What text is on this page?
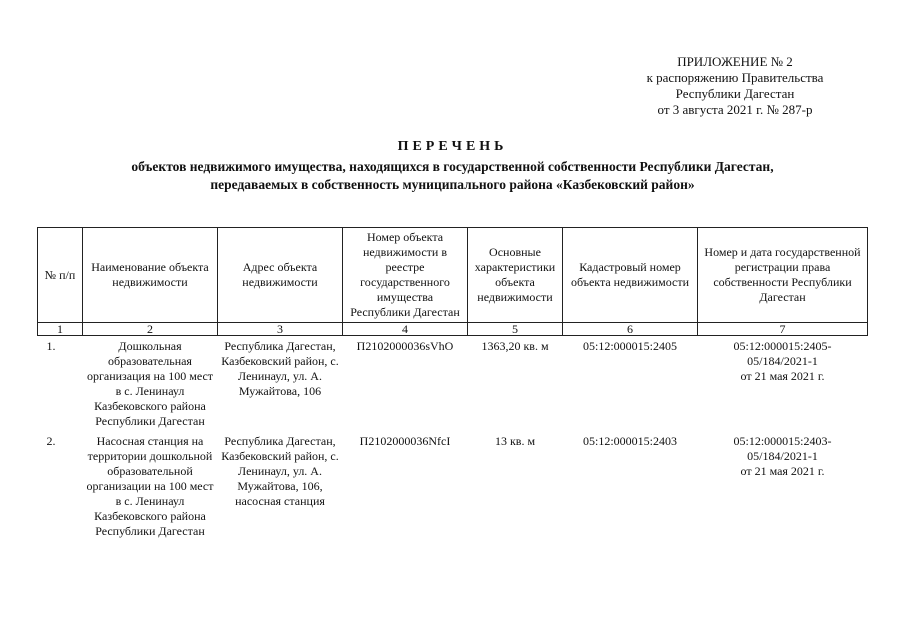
ПРИЛОЖЕНИЕ № 2
к распоряжению Правительства
Республики Дагестан
от 3 августа 2021 г. № 287-р
ПЕРЕЧЕНЬ
объектов недвижимого имущества, находящихся в государственной собственности Республики Дагестан,
передаваемых в собственность муниципального района «Казбековский район»
№ п/п	Наименование объекта недвижимости	Адрес объекта недвижимости	Номер объекта недвижимости в реестре государственного имущества Республики Дагестан	Основные характеристики объекта недвижимости	Кадастровый номер объекта недвижимости	Номер и дата государственной регистрации права собственности Республики Дагестан
1	2	3	4	5	6	7
1.	Дошкольная образовательная организация на 100 мест в с. Ленинаул Казбековского района Республики Дагестан	Республика Дагестан, Казбековский район, с. Ленинаул, ул. А. Мужайтова, 106	П2102000036sVhO	1363,20 кв. м	05:12:000015:2405	05:12:000015:2405-
05/184/2021-1
от 21 мая 2021 г.

2.	Насосная станция на территории дошкольной образовательной организации на 100 мест в с. Ленинаул Казбековского района Республики Дагестан	Республика Дагестан, Казбековский район, с. Ленинаул, ул. А. Мужайтова, 106, насосная станция	П2102000036NfcI	13 кв. м	05:12:000015:2403	05:12:000015:2403-
05/184/2021-1
от 21 мая 2021 г.
